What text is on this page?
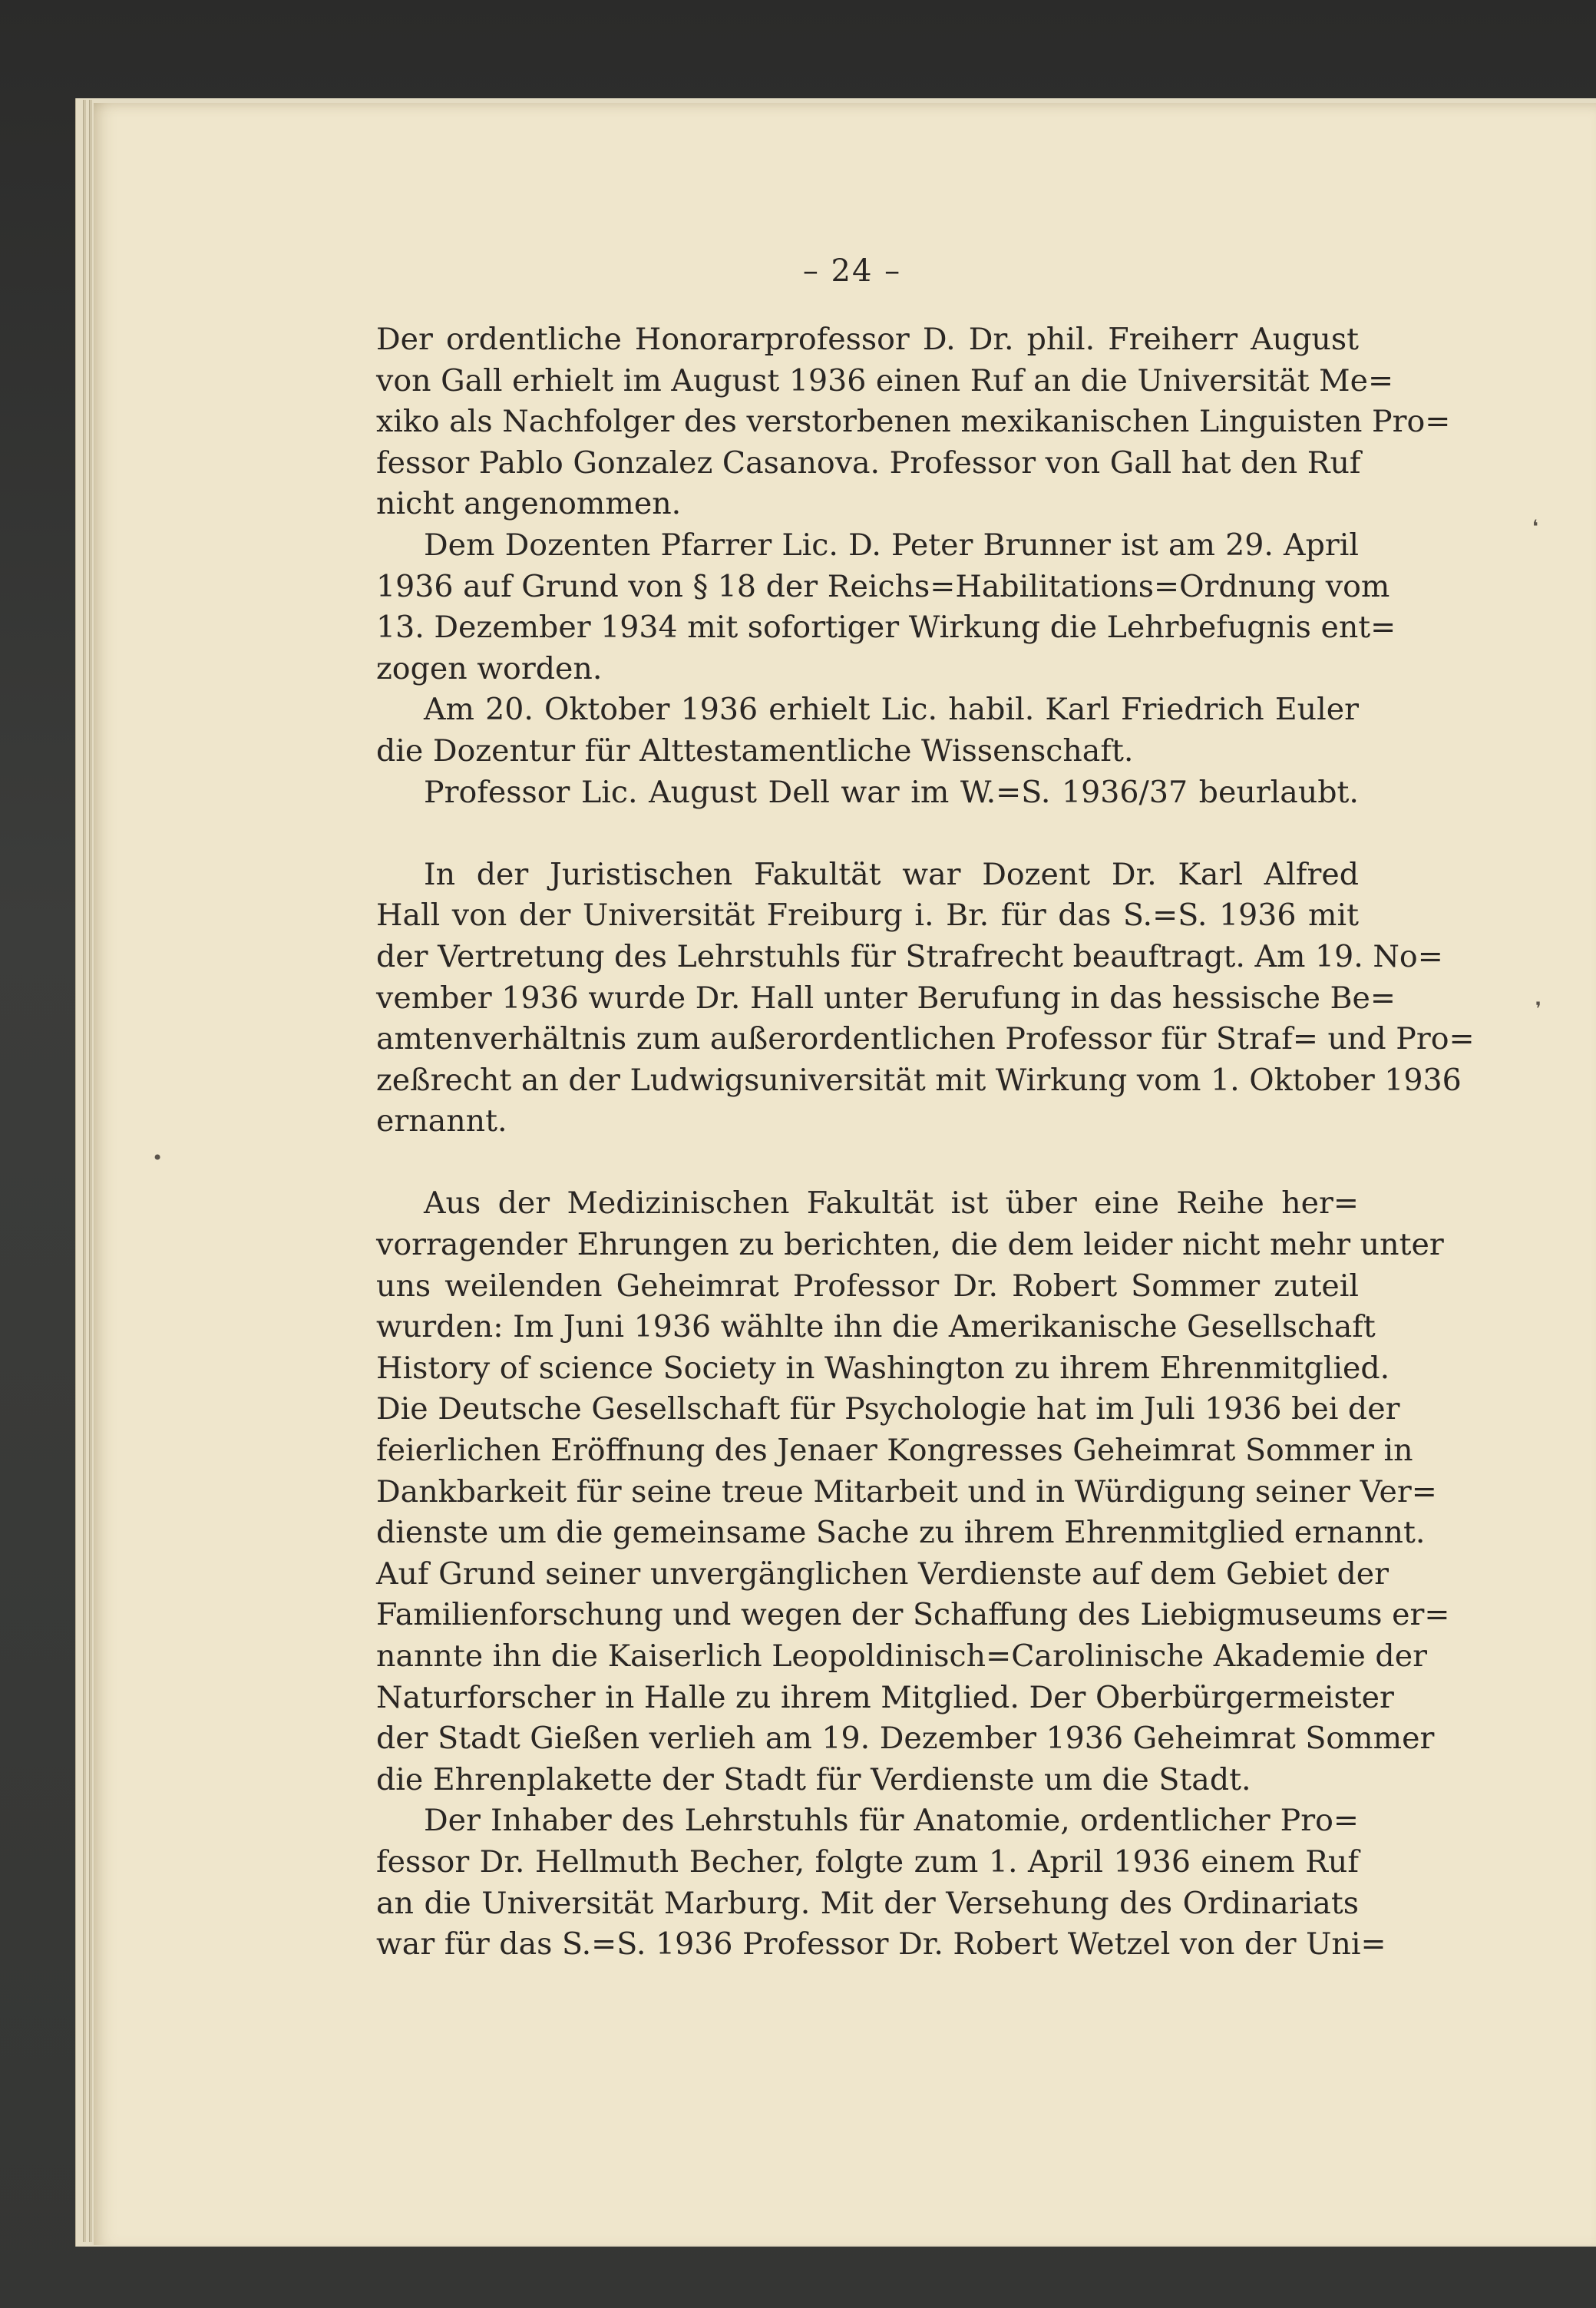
– 24 –
❛
❜
•
Der ordentliche Honorarprofessor D. Dr. phil. Freiherr August
von Gall erhielt im August 1936 einen Ruf an die Universität Me=
xiko als Nachfolger des verstorbenen mexikanischen Linguisten Pro=
fessor Pablo Gonzalez Casanova. Professor von Gall hat den Ruf
nicht angenommen.
Dem Dozenten Pfarrer Lic. D. Peter Brunner ist am 29. April
1936 auf Grund von § 18 der Reichs=Habilitations=Ordnung vom
13. Dezember 1934 mit sofortiger Wirkung die Lehrbefugnis ent=
zogen worden.
Am 20. Oktober 1936 erhielt Lic. habil. Karl Friedrich Euler
die Dozentur für Alttestamentliche Wissenschaft.
Professor Lic. August Dell war im W.=S. 1936/37 beurlaubt.
In der Juristischen Fakultät war Dozent Dr. Karl Alfred
Hall von der Universität Freiburg i. Br. für das S.=S. 1936 mit
der Vertretung des Lehrstuhls für Strafrecht beauftragt. Am 19. No=
vember 1936 wurde Dr. Hall unter Berufung in das hessische Be=
amtenverhältnis zum außerordentlichen Professor für Straf= und Pro=
zeßrecht an der Ludwigsuniversität mit Wirkung vom 1. Oktober 1936
ernannt.
Aus der Medizinischen Fakultät ist über eine Reihe her=
vorragender Ehrungen zu berichten, die dem leider nicht mehr unter
uns weilenden Geheimrat Professor Dr. Robert Sommer zuteil
wurden: Im Juni 1936 wählte ihn die Amerikanische Gesellschaft
History of science Society in Washington zu ihrem Ehrenmitglied.
Die Deutsche Gesellschaft für Psychologie hat im Juli 1936 bei der
feierlichen Eröffnung des Jenaer Kongresses Geheimrat Sommer in
Dankbarkeit für seine treue Mitarbeit und in Würdigung seiner Ver=
dienste um die gemeinsame Sache zu ihrem Ehrenmitglied ernannt.
Auf Grund seiner unvergänglichen Verdienste auf dem Gebiet der
Familienforschung und wegen der Schaffung des Liebigmuseums er=
nannte ihn die Kaiserlich Leopoldinisch=Carolinische Akademie der
Naturforscher in Halle zu ihrem Mitglied. Der Oberbürgermeister
der Stadt Gießen verlieh am 19. Dezember 1936 Geheimrat Sommer
die Ehrenplakette der Stadt für Verdienste um die Stadt.
Der Inhaber des Lehrstuhls für Anatomie, ordentlicher Pro=
fessor Dr. Hellmuth Becher, folgte zum 1. April 1936 einem Ruf
an die Universität Marburg. Mit der Versehung des Ordinariats
war für das S.=S. 1936 Professor Dr. Robert Wetzel von der Uni=
